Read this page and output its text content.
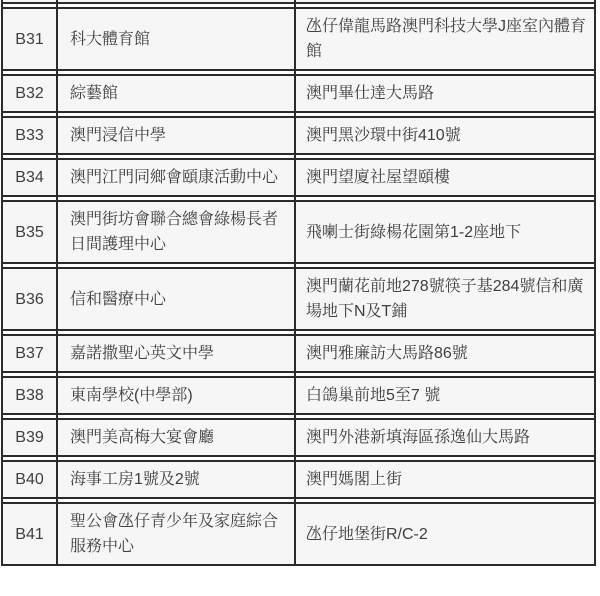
B31	科大體育館	氹仔偉龍馬路澳門科技大學J座室內體育館

B32	綜藝館	澳門畢仕達大馬路

B33	澳門浸信中學	澳門黑沙環中街410號

B34	澳門江門同鄉會頤康活動中心	澳門望廈社屋望頤樓

B35	澳門街坊會聯合總會綠楊長者日間護理中心	飛喇士街綠楊花園第1-2座地下

B36	信和醫療中心	澳門蘭花前地278號筷子基284號信和廣場地下N及T鋪

B37	嘉諾撒聖心英文中學	澳門雅廉訪大馬路86號

B38	東南學校(中學部)	白鴿巢前地5至7 號

B39	澳門美高梅大宴會廳	澳門外港新填海區孫逸仙大馬路

B40	海事工房1號及2號	澳門媽閣上街

B41	聖公會氹仔青少年及家庭綜合服務中心	氹仔地堡街R/C-2
